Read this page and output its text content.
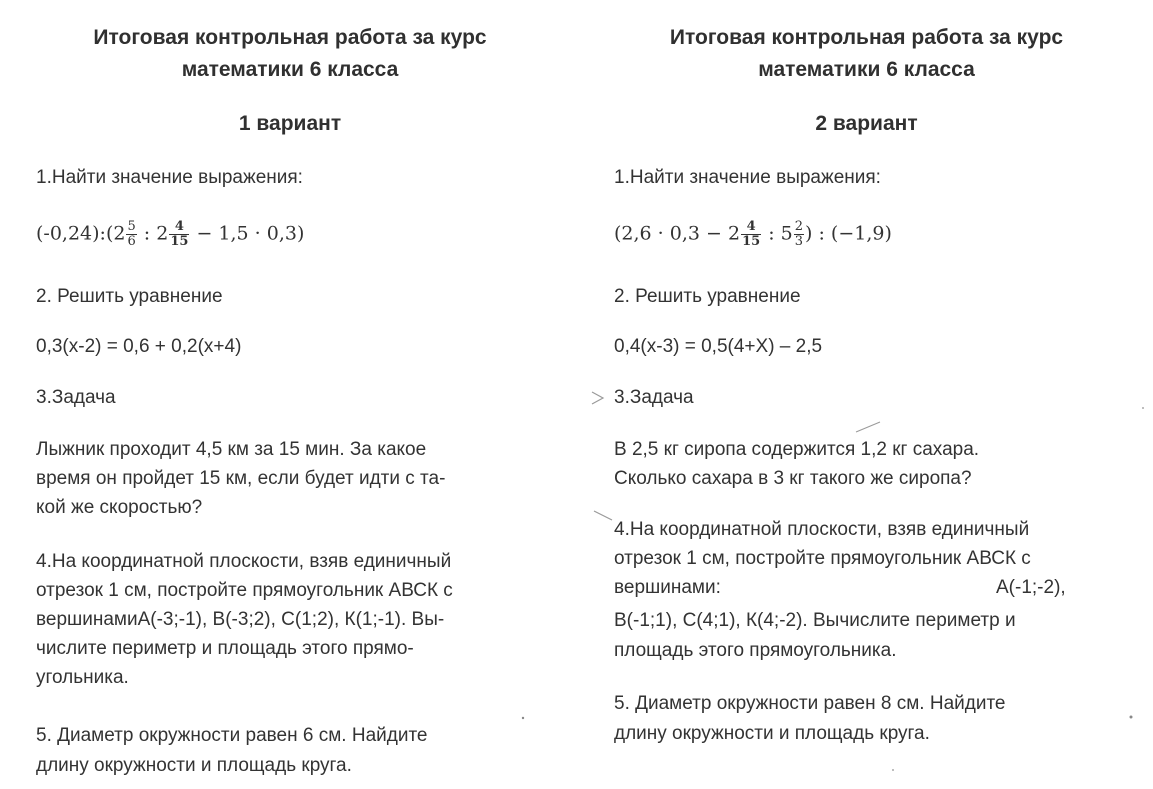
Итоговая контрольная работа за курс
математики 6 класса
1 вариант
1.Найти значение выражения:
(-0,24):(2 $\frac{5}{6}$ : $2 \frac{4}{15} - 1,5 \cdot 0,3$)
2. Решить уравнение
0,3(х-2) = 0,6 + 0,2(х+4)
3.Задача
Лыжник проходит 4,5 км за 15 мин. За какое
время он пройдет 15 км, если будет идти с та-
кой же скоростью?
4.На координатной плоскости, взяв единичный
отрезок 1 см, постройте прямоугольник АВСК с
вершинамиА(-3;-1), В(-3;2), С(1;2), К(1;-1). Вы-
числите периметр и площадь этого прямо-
угольника.
5. Диаметр окружности равен 6 см. Найдите
длину окружности и площадь круга.
Итоговая контрольная работа за курс
математики 6 класса
2 вариант
1.Найти значение выражения:
($2,6 \cdot 0,3 - 2 \frac{4}{15}$ : $5 \frac{2}{3}$ ) : (−1,9)
2. Решить уравнение
0,4(х-3) = 0,5(4+Х) – 2,5
3.Задача
В 2,5 кг сиропа содержится 1,2 кг сахара.
Сколько сахара в 3 кг такого же сиропа?
4.На координатной плоскости, взяв единичный
отрезок 1 см, постройте прямоугольник АВСК с
вершинами:	А(-1;-2),
В(-1;1), С(4;1), К(4;-2). Вычислите периметр и
площадь этого прямоугольника.
5. Диаметр окружности равен 8 см. Найдите
длину окружности и площадь круга.
